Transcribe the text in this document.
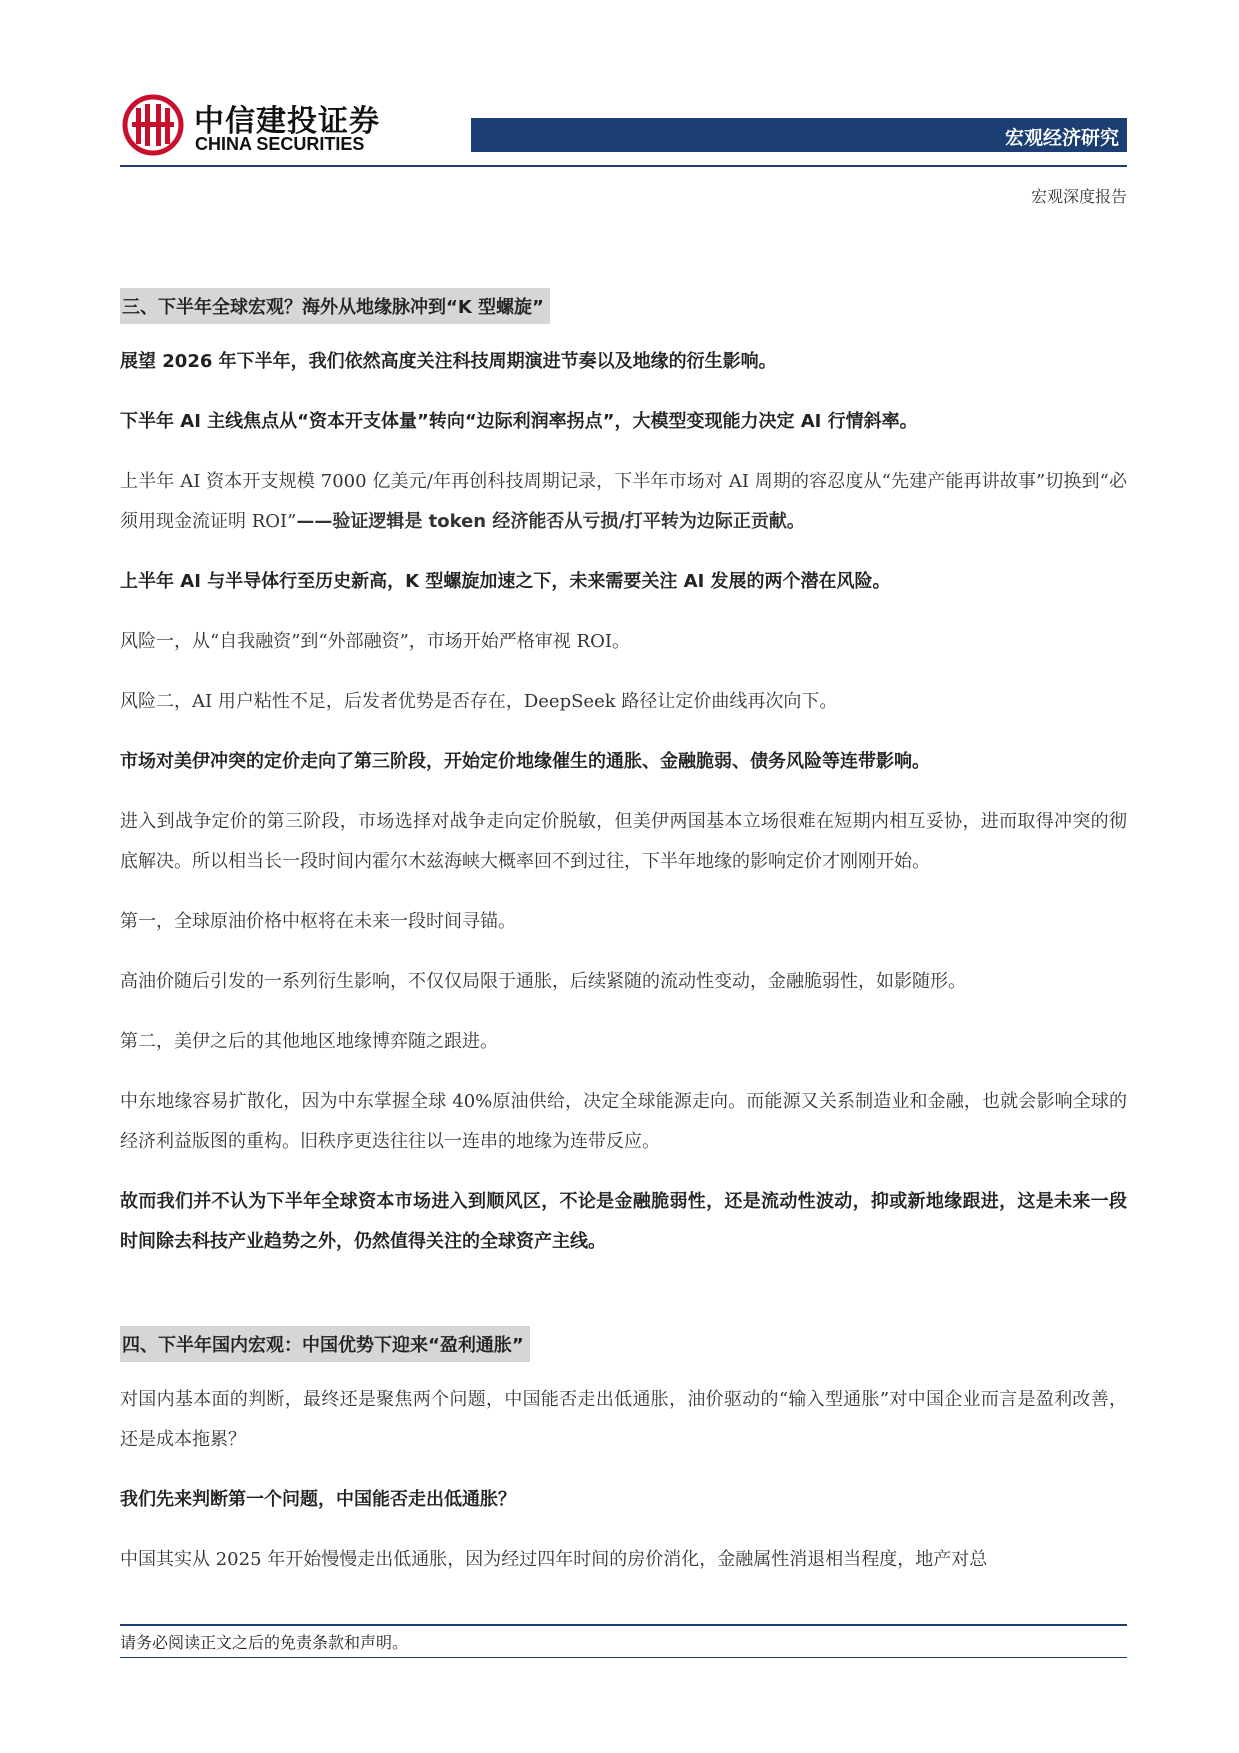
中信建投证券
CHINA SECURITIES	宏观经济研究
宏观深度报告
三、下半年全球宏观？海外从地缘脉冲到“K 型螺旋”

展望 2026 年下半年，我们依然高度关注科技周期演进节奏以及地缘的衍生影响。

下半年 AI 主线焦点从“资本开支体量”转向“边际利润率拐点”，大模型变现能力决定 AI 行情斜率。

上半年 AI 资本开支规模 7000 亿美元/年再创科技周期记录，下半年市场对 AI 周期的容忍度从“先建产能再讲故事”切换到“必须用现金流证明 ROI”——验证逻辑是 token 经济能否从亏损/打平转为边际正贡献。

上半年 AI 与半导体行至历史新高，K 型螺旋加速之下，未来需要关注 AI 发展的两个潜在风险。

风险一，从“自我融资”到“外部融资”，市场开始严格审视 ROI。

风险二，AI 用户粘性不足，后发者优势是否存在，DeepSeek 路径让定价曲线再次向下。

市场对美伊冲突的定价走向了第三阶段，开始定价地缘催生的通胀、金融脆弱、债务风险等连带影响。

进入到战争定价的第三阶段，市场选择对战争走向定价脱敏，但美伊两国基本立场很难在短期内相互妥协，进而取得冲突的彻底解决。所以相当长一段时间内霍尔木兹海峡大概率回不到过往，下半年地缘的影响定价才刚刚开始。

第一，全球原油价格中枢将在未来一段时间寻锚。

高油价随后引发的一系列衍生影响，不仅仅局限于通胀，后续紧随的流动性变动，金融脆弱性，如影随形。

第二，美伊之后的其他地区地缘博弈随之跟进。

中东地缘容易扩散化，因为中东掌握全球 40%原油供给，决定全球能源走向。而能源又关系制造业和金融，也就会影响全球的经济利益版图的重构。旧秩序更迭往往以一连串的地缘为连带反应。

故而我们并不认为下半年全球资本市场进入到顺风区，不论是金融脆弱性，还是流动性波动，抑或新地缘跟进，这是未来一段时间除去科技产业趋势之外，仍然值得关注的全球资产主线。

四、下半年国内宏观：中国优势下迎来“盈利通胀”

对国内基本面的判断，最终还是聚焦两个问题，中国能否走出低通胀，油价驱动的“输入型通胀”对中国企业而言是盈利改善，还是成本拖累？

我们先来判断第一个问题，中国能否走出低通胀？

中国其实从 2025 年开始慢慢走出低通胀，因为经过四年时间的房价消化，金融属性消退相当程度，地产对总

请务必阅读正文之后的免责条款和声明。
